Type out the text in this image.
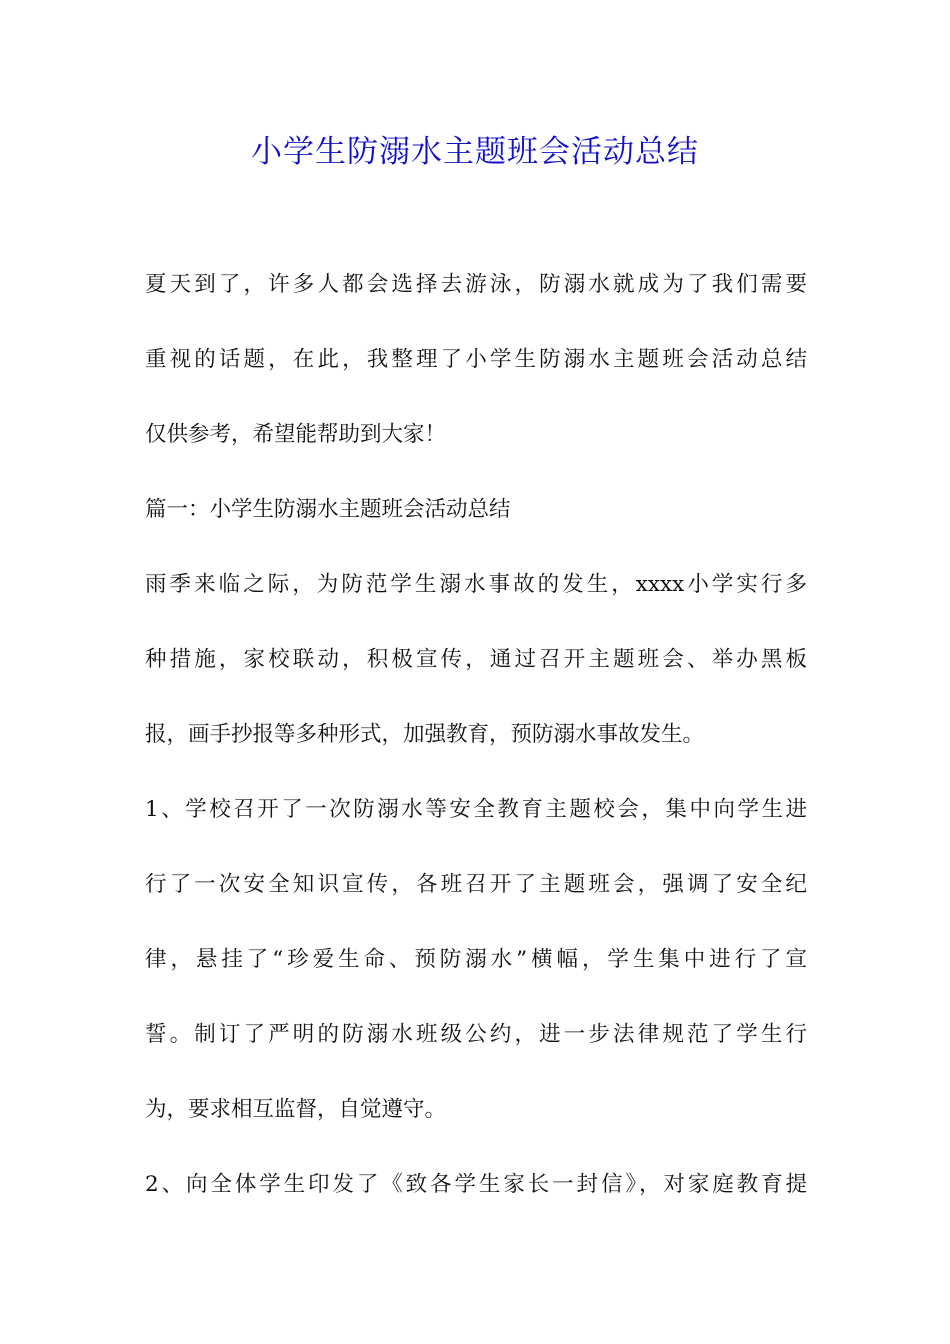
小学生防溺水主题班会活动总结
夏天到了，许多人都会选择去游泳，防溺水就成为了我们需要
重视的话题，在此，我整理了小学生防溺水主题班会活动总结
仅供参考，希望能帮助到大家！
篇一：小学生防溺水主题班会活动总结
雨季来临之际，为防范学生溺水事故的发生，xxxx小学实行多
种措施，家校联动，积极宣传，通过召开主题班会、举办黑板
报，画手抄报等多种形式，加强教育，预防溺水事故发生。
1、学校召开了一次防溺水等安全教育主题校会，集中向学生进
行了一次安全知识宣传，各班召开了主题班会，强调了安全纪
律，悬挂了“珍爱生命、预防溺水”横幅，学生集中进行了宣
誓。制订了严明的防溺水班级公约，进一步法律规范了学生行
为，要求相互监督，自觉遵守。
2、向全体学生印发了《致各学生家长一封信》，对家庭教育提
